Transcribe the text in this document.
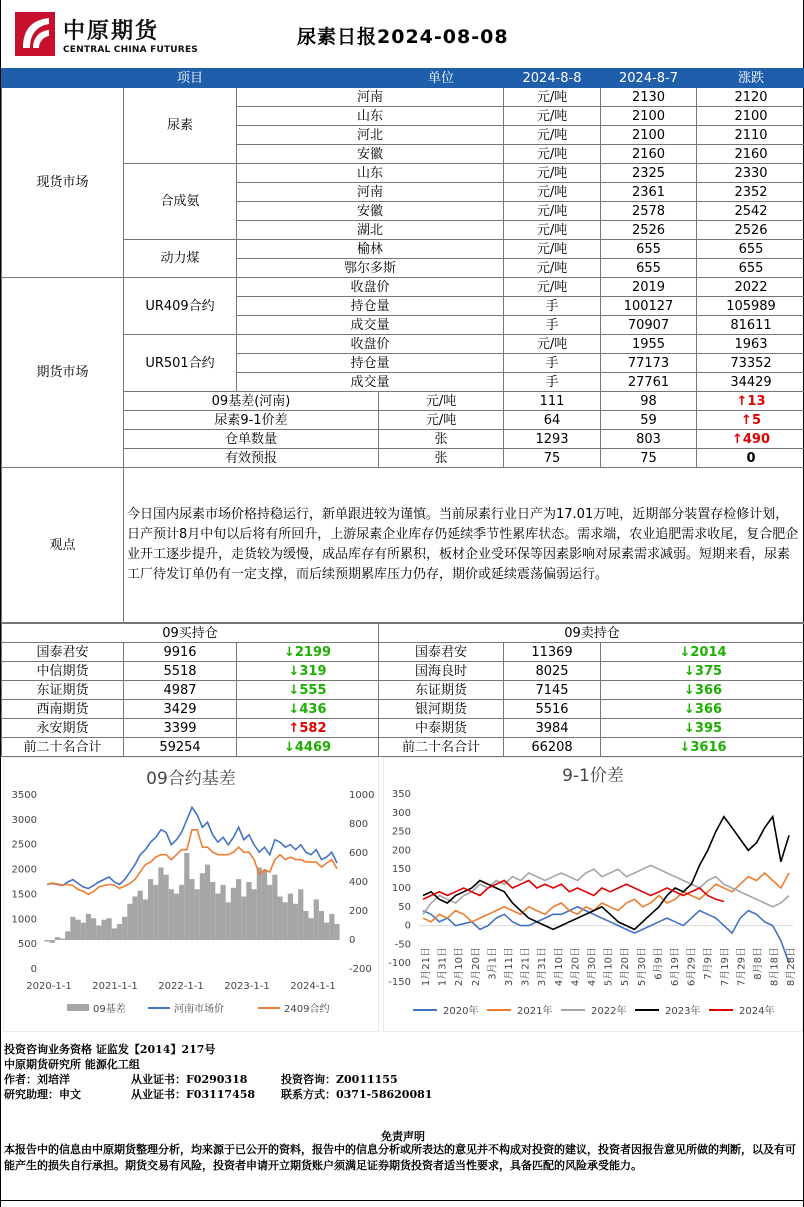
中原期货
CENTRAL CHINA FUTURES
尿素日报2024-08-08
项目			单位	2024-8-8	2024-8-7	涨跌	
现货市场	尿素	河南		元/吨	2130	2120	
		山东		元/吨	2100	2100	
		河北		元/吨	2100	2110	
		安徽		元/吨	2160	2160	
	合成氨	山东		元/吨	2325	2330	
		河南		元/吨	2361	2352	
		安徽		元/吨	2578	2542	
		湖北		元/吨	2526	2526	
	动力煤	榆林		元/吨	655	655	
		鄂尔多斯		元/吨	655	655	
期货市场	UR409合约	收盘价		元/吨	2019	2022	
		持仓量		手	100127	105989	
		成交量		手	70907	81611	
	UR501合约	收盘价		元/吨	1955	1963	
		持仓量		手	77173	73352	
		成交量		手	27761	34429	
	09基差(河南)		元/吨	111	98	↑13	
	尿素9-1价差		元/吨	64	59	↑5	
	仓单数量		张	1293	803	↑490	
	有效预报		张	75	75	0	
观点	今日国内尿素市场价格持稳运行，新单跟进较为谨慎。当前尿素行业日产为17.01万吨，近期部分装置存检修计划，日产预计8月中旬以后将有所回升，上游尿素企业库存仍延续季节性累库状态。需求端，农业追肥需求收尾，复合肥企业开工逐步提升，走货较为缓慢，成品库存有所累积，板材企业受环保等因素影响对尿素需求减弱。短期来看，尿素工厂待发订单仍有一定支撑，而后续预期累库压力仍存，期价或延续震荡偏弱运行。						
09买持仓			09卖持仓		
国泰君安	9916	↓2199	国泰君安	11369	↓2014
中信期货	5518	↓319	国海良时	8025	↓375
东证期货	4987	↓555	东证期货	7145	↓366
西南期货	3429	↓436	银河期货	5516	↓366
永安期货	3399	↑582	中泰期货	3984	↓395
前二十名合计	59254	↓4469	前二十名合计	66208	↓3616
09合约基差
0
500
1000
1500
2000
2500
3000
3500
-200
0
200
400
600
800
1000
2020-1-1 2021-1-1 2022-1-1 2023-1-1 2024-1-1
09基差	河南市场价	2409合约
9-1价差
-150
-100
-50
0
50
100
150
200
250
300
350
1月21日 1月31日 2月10日 2月20日 3月1日 3月11日 3月21日 3月31日 4月10日 4月20日 4月30日 5月10日 5月20日 5月30日 6月9日 6月19日 6月29日 7月9日 7月19日 7月29日 8月8日 8月18日 8月28日
2020年	2021年	2022年	2023年	2024年
投资咨询业务资格 证监发【2014】217号
中原期货研究所 能源化工组
作者：刘培洋	从业证书：F0290318	投资咨询：Z0011155
研究助理：申文	从业证书：F03117458 联系方式：0371-58620081
免责声明
本报告中的信息由中原期货整理分析，均来源于已公开的资料，报告中的信息分析或所表达的意见并不构成对投资的建议，投资者因报告意见所做的判断，以及有可能产生的损失自行承担。期货交易有风险，投资者申请开立期货账户须满足证券期货投资者适当性要求，具备匹配的风险承受能力。
